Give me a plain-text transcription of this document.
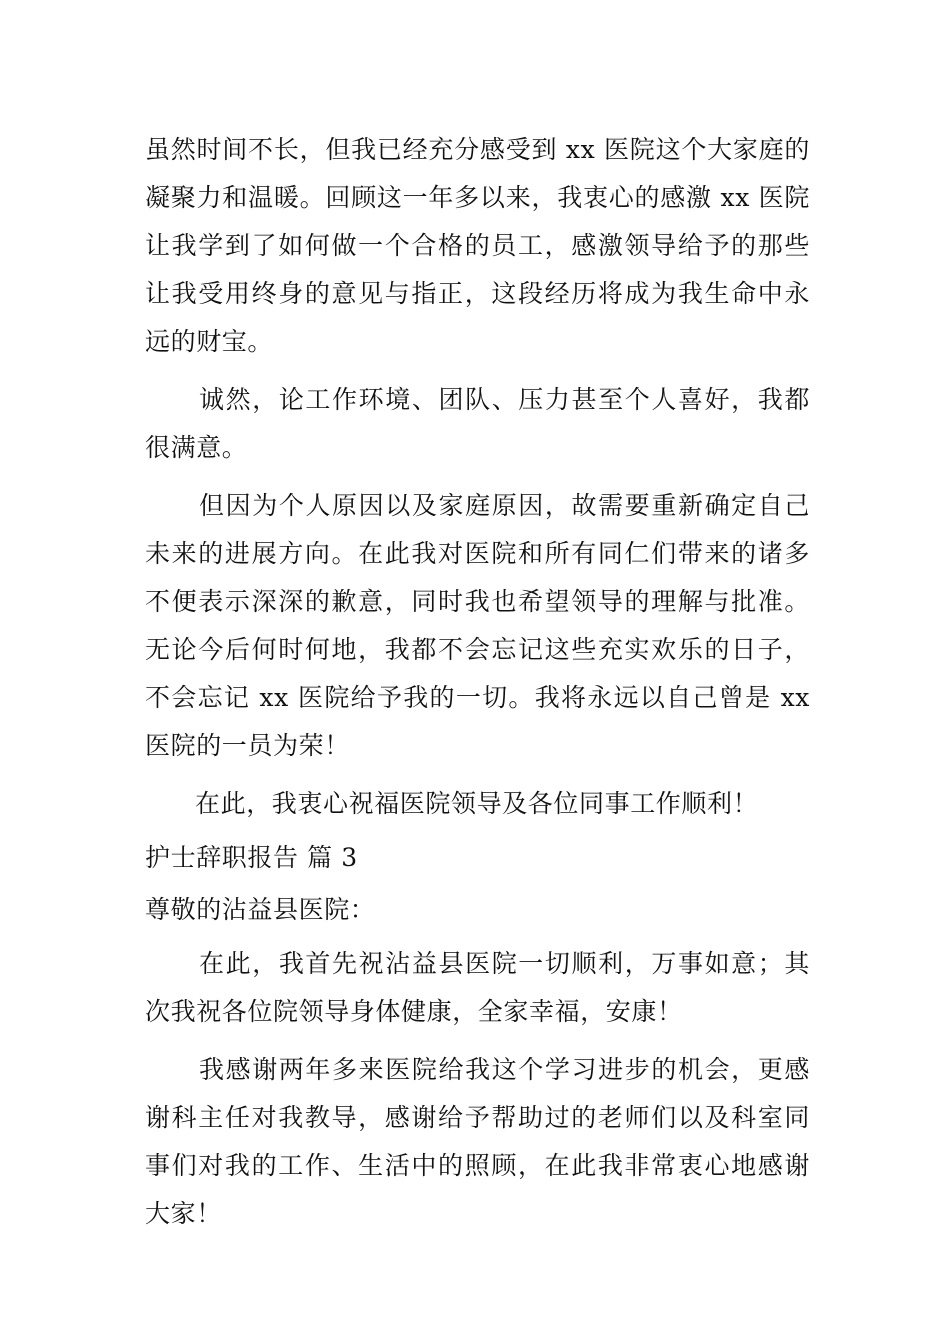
虽然时间不长，但我已经充分感受到 xx 医院这个大家庭的凝聚力和温暖。回顾这一年多以来，我衷心的感激 xx 医院让我学到了如何做一个合格的员工，感激领导给予的那些让我受用终身的意见与指正，这段经历将成为我生命中永远的财宝。

诚然，论工作环境、团队、压力甚至个人喜好，我都很满意。

但因为个人原因以及家庭原因，故需要重新确定自己未来的进展方向。在此我对医院和所有同仁们带来的诸多不便表示深深的歉意，同时我也希望领导的理解与批准。无论今后何时何地，我都不会忘记这些充实欢乐的日子，不会忘记 xx 医院给予我的一切。我将永远以自己曾是 xx 医院的一员为荣！

在此，我衷心祝福医院领导及各位同事工作顺利！

护士辞职报告 篇 3

尊敬的沾益县医院：

在此，我首先祝沾益县医院一切顺利，万事如意；其次我祝各位院领导身体健康，全家幸福，安康！

我感谢两年多来医院给我这个学习进步的机会，更感谢科主任对我教导，感谢给予帮助过的老师们以及科室同事们对我的工作、生活中的照顾，在此我非常衷心地感谢大家！
